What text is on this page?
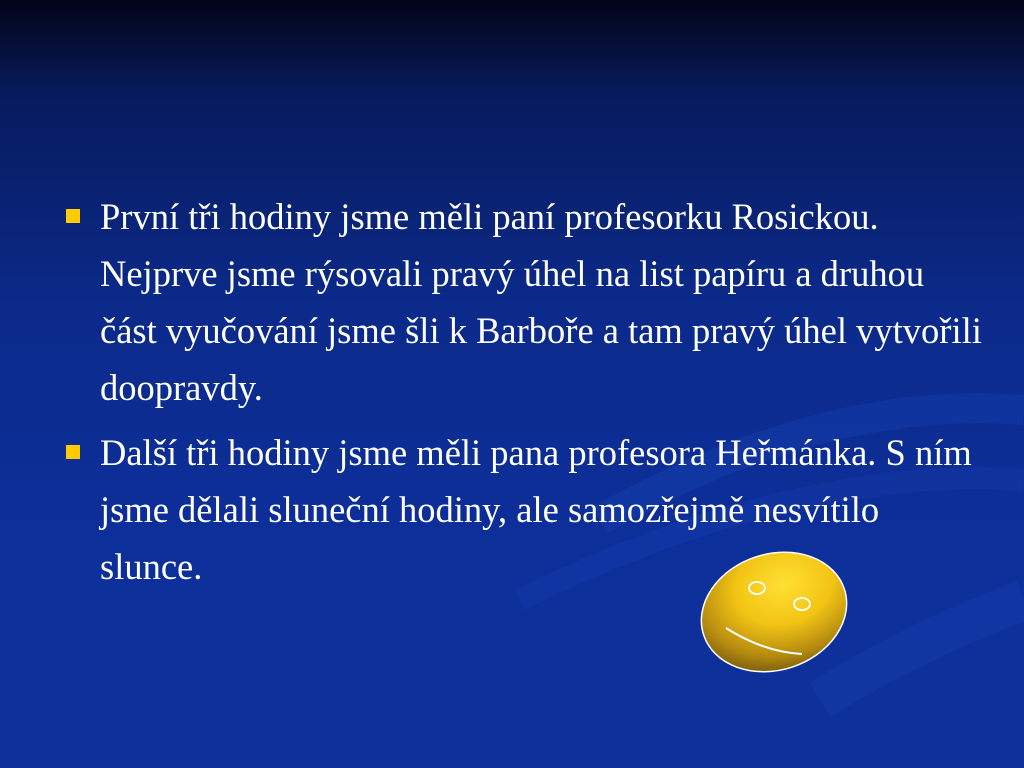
První tři hodiny jsme měli paní profesorku Rosickou. Nejprve jsme rýsovali pravý úhel na list papíru a druhou část vyučování jsme šli k Barboře a tam pravý úhel vytvořili doopravdy.
Další tři hodiny jsme měli pana profesora Heřmánka. S ním jsme dělali sluneční hodiny, ale samozřejmě nesvítilo slunce.
